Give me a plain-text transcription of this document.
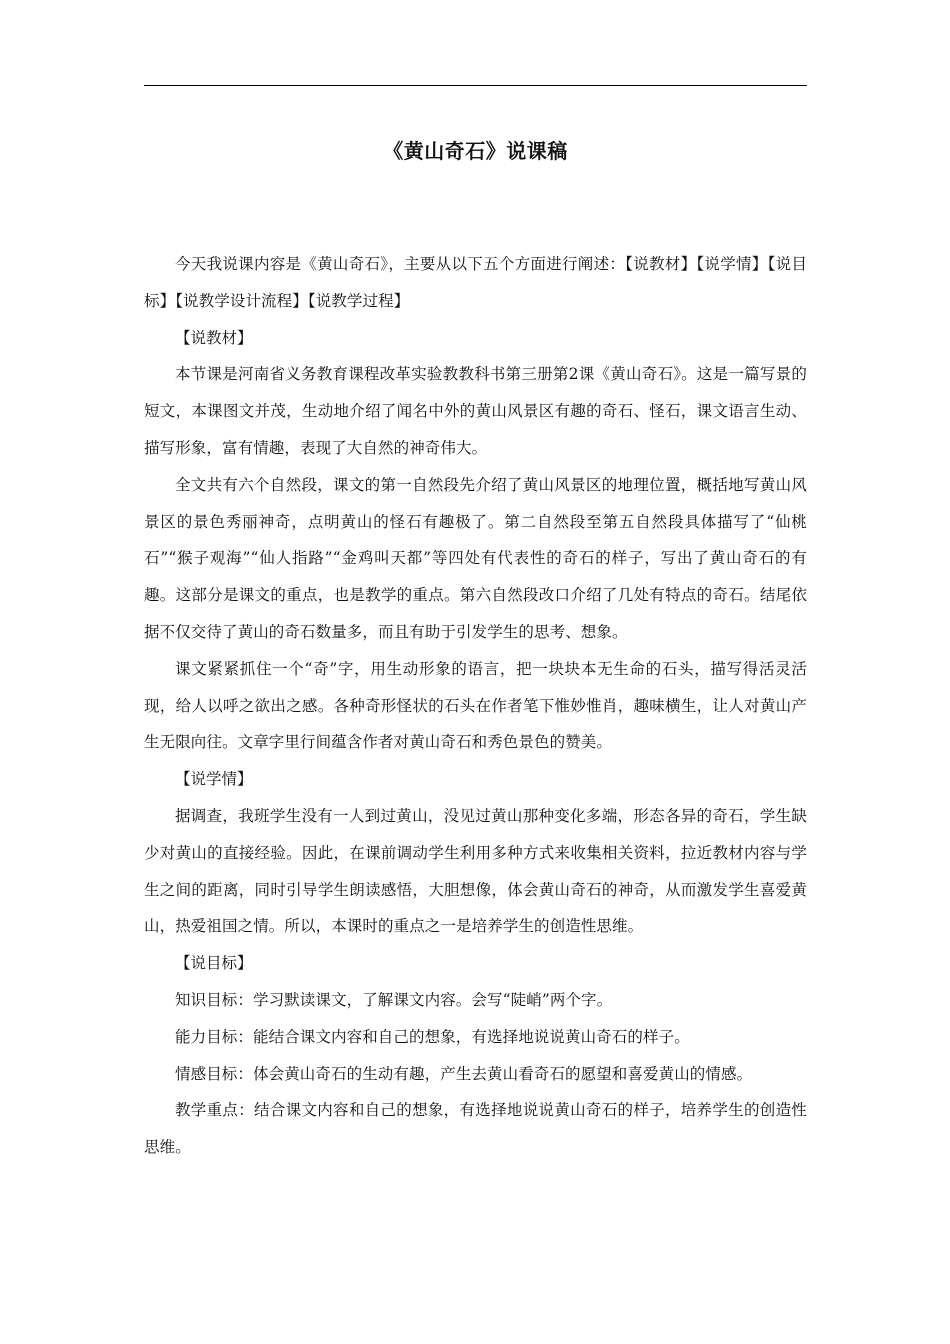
《黄山奇石》说课稿

今天我说课内容是《黄山奇石》，主要从以下五个方面进行阐述：【说教材】【说学情】【说目标】【说教学设计流程】【说教学过程】

【说教材】

本节课是河南省义务教育课程改革实验教教科书第三册第2课《黄山奇石》。这是一篇写景的短文，本课图文并茂，生动地介绍了闻名中外的黄山风景区有趣的奇石、怪石，课文语言生动、描写形象，富有情趣，表现了大自然的神奇伟大。

全文共有六个自然段，课文的第一自然段先介绍了黄山风景区的地理位置，概括地写黄山风景区的景色秀丽神奇，点明黄山的怪石有趣极了。第二自然段至第五自然段具体描写了“仙桃石”“猴子观海”“仙人指路”“金鸡叫天都”等四处有代表性的奇石的样子，写出了黄山奇石的有趣。这部分是课文的重点，也是教学的重点。第六自然段改口介绍了几处有特点的奇石。结尾依据不仅交待了黄山的奇石数量多，而且有助于引发学生的思考、想象。

课文紧紧抓住一个“奇”字，用生动形象的语言，把一块块本无生命的石头，描写得活灵活现，给人以呼之欲出之感。各种奇形怪状的石头在作者笔下惟妙惟肖，趣味横生，让人对黄山产生无限向往。文章字里行间蕴含作者对黄山奇石和秀色景色的赞美。

【说学情】

据调查，我班学生没有一人到过黄山，没见过黄山那种变化多端，形态各异的奇石，学生缺少对黄山的直接经验。因此，在课前调动学生利用多种方式来收集相关资料，拉近教材内容与学生之间的距离，同时引导学生朗读感悟，大胆想像，体会黄山奇石的神奇，从而激发学生喜爱黄山，热爱祖国之情。所以，本课时的重点之一是培养学生的创造性思维。

【说目标】

知识目标：学习默读课文，了解课文内容。会写“陡峭”两个字。

能力目标：能结合课文内容和自己的想象，有选择地说说黄山奇石的样子。

情感目标：体会黄山奇石的生动有趣，产生去黄山看奇石的愿望和喜爱黄山的情感。

教学重点：结合课文内容和自己的想象，有选择地说说黄山奇石的样子，培养学生的创造性思维。
